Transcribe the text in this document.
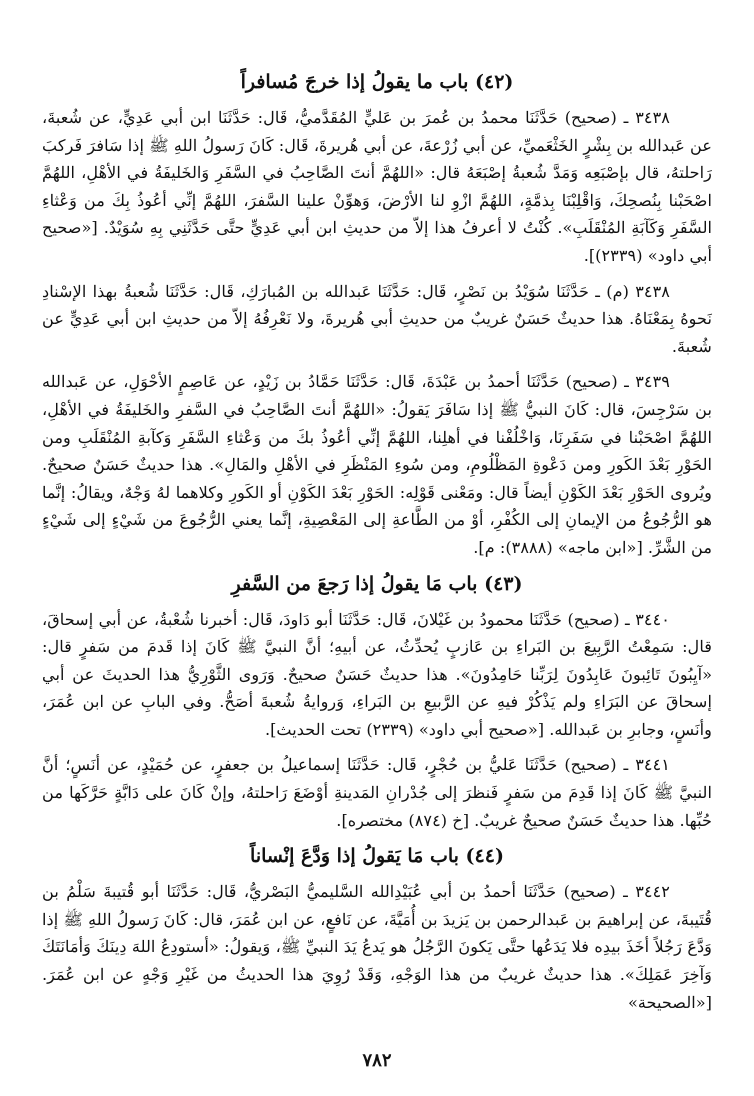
(٤٢) باب ما يقولُ إذا خرجَ مُسافراً

٣٤٣٨ ـ (صحيح) حَدَّثَنَا محمدُ بن عُمرَ بن عَليٍّ المُقَدَّميُّ، قَال: حَدَّثَنَا ابن أبي عَدِيٍّ، عن شُعبةَ، عن عَبدالله بن بِشْرٍ الخَثْعَميِّ، عن أبي زُرْعةَ، عن أبي هُريرةَ، قَال: كَانَ رَسولُ اللهِ ﷺ إذا سَافرَ فَركبَ رَاحلتهُ، قال بإصْبَعِه وَمَدَّ شُعبةُ إصْبَعَهُ قال: «اللهُمَّ أنتَ الصَّاحِبُ في السَّفَرِ وَالخَليفَةُ في الأهْلِ، اللهُمَّ اصْحَبْنا بِنُصحِكَ، وَاقْلِبْنَا بِذمَّةٍ، اللهُمَّ ازْوِ لنا الأرْضَ، وَهوِّنْ علينا السَّفرَ، اللهُمَّ إنِّي أعُوذُ بِكَ من وَعْثاءِ السَّفَرِ وَكَآبَةِ المُنْقَلَبِ». كُنْتُ لا أعرفُ هذا إلاّ من حديثِ ابن أبي عَدِيٍّ حتَّى حَدَّثَنِي بِهِ سُوَيْدٌ. [«صحيح أبي داود» (٢٣٣٩)].

٣٤٣٨ (م) ـ حَدَّثَنَا سُوَيْدُ بن نَصْرٍ، قَال: حَدَّثَنَا عَبدالله بن المُبارَكِ، قَال: حَدَّثَنَا شُعبةُ بهذا الإسْنادِ نَحوهُ بِمَعْنَاهُ. هذا حديثٌ حَسَنٌ غريبٌ من حديثِ أبي هُريرةَ، ولا نَعْرِفُهُ إلاّ من حديثِ ابن أبي عَدِيٍّ عن شُعبةَ.

٣٤٣٩ ـ (صحيح) حَدَّثَنَا أحمدُ بن عَبْدَةَ، قَال: حَدَّثَنَا حَمَّادُ بن زَيْدٍ، عن عَاصِمٍ الأحْوَلِ، عن عَبدالله بن سَرْجِسَ، قال: كَانَ النبيُّ ﷺ إذا سَافَرَ يَقولُ: «اللهُمَّ أنتَ الصَّاحِبُ في السَّفرِ والخَليفَةُ في الأهْلِ، اللهُمَّ اصْحَبْنا في سَفَرِنَا، وَاخْلُفْنا في أهلِنا، اللهُمَّ إنِّي أعُوذُ بكَ من وَعْثاءِ السَّفَرِ وَكآبةِ المُنْقَلَبِ ومن الحَوْرِ بَعْدَ الكَورِ ومن دَعْوةِ المَظْلُومِ، ومن سُوءِ المَنْظَرِ في الأهْلِ والمَالِ». هذا حديثٌ حَسَنٌ صحيحٌ. ويُروى الحَوْرِ بَعْدَ الكَوْنِ أيضاً قال: ومَعْنى قَوْلِه: الحَوْرِ بَعْدَ الكَوْنِ أو الكَورِ وكلاهما لهُ وَجْهٌ، ويقالُ: إنَّما هو الرُّجُوعُ من الإيمانِ إلى الكُفْرِ، أوْ من الطَّاعةِ إلى المَعْصِيةِ، إنَّما يعني الرُّجُوعَ من شَيْءٍ إلى شَيْءٍ من الشَّرِّ. [«ابن ماجه» (٣٨٨٨): م].

(٤٣) باب مَا يقولُ إذا رَجعَ من السَّفرِ

٣٤٤٠ ـ (صحيح) حَدَّثَنَا محمودُ بن غَيْلانَ، قَال: حَدَّثَنَا أبو دَاودَ، قَال: أخبرنا شُعْبةُ، عن أبي إسحاقَ، قال: سَمِعْتُ الرَّبِيعَ بن البَراءِ بن عَازبٍ يُحدِّثُ، عن أبيهِ؛ أنَّ النبيَّ ﷺ كَانَ إذا قَدمَ من سَفرٍ قال: «آيِبُونَ تَائِبونَ عَابِدُونَ لِرَبِّنا حَامِدُونَ». هذا حديثٌ حَسَنٌ صحيحٌ. وَرَوى الثَّوْرِيُّ هذا الحديثَ عن أبي إسحاقَ عن البَرَاءِ ولم يَذْكُرْ فيهِ عن الرَّبيعِ بن البَراءِ، وَروايةُ شُعبةَ أصَحُّ. وفي البابِ عن ابن عُمَرَ، وأنَسٍ، وجابرِ بن عَبدالله. [«صحيح أبي داود» (٢٣٣٩) تحت الحديث].

٣٤٤١ ـ (صحيح) حَدَّثَنَا عَليُّ بن حُجْرٍ، قَال: حَدَّثَنَا إسماعيلُ بن جعفرٍ، عن حُمَيْدٍ، عن أنَسٍ؛ أنَّ النبيَّ ﷺ كَانَ إذا قَدِمَ من سَفرٍ فَنظرَ إلى جُدْرانِ المَدينةِ أوْضَعَ رَاحلتهُ، وإنْ كَانَ على دَابَّةٍ حَرَّكَها من حُبِّها. هذا حديثٌ حَسَنٌ صحيحٌ غريبٌ. [خ (٨٧٤) مختصره].

(٤٤) باب مَا يَقولُ إذا وَدَّعَ إنْساناً

٣٤٤٢ ـ (صحيح) حَدَّثَنَا أحمدُ بن أبي عُبَيْدِالله السَّليميُّ البَصْريُّ، قَال: حَدَّثَنَا أبو قُتيبةَ سَلْمُ بن قُتَيبةَ، عن إبراهيمَ بن عَبدالرحمن بن يَزيدَ بن أُمَيَّةَ، عن نَافعٍ، عن ابن عُمَرَ، قال: كَانَ رَسولُ اللهِ ﷺ إذا وَدَّعَ رَجُلاً أخَذَ بيدِه فلا يَدَعُها حتَّى يَكونَ الرَّجُلُ هو يَدعُ يَدَ النبيِّ ﷺ، وَيقولُ: «أستودِعُ اللهَ دِينَكَ وَأمَانَتَكَ وَآخِرَ عَمَلِكَ». هذا حديثٌ غريبٌ من هذا الوَجْهِ، وَقَدْ رُوِيَ هذا الحديثُ من غَيْرِ وَجْهٍ عن ابن عُمَرَ. [«الصحيحة»

٧٨٢
